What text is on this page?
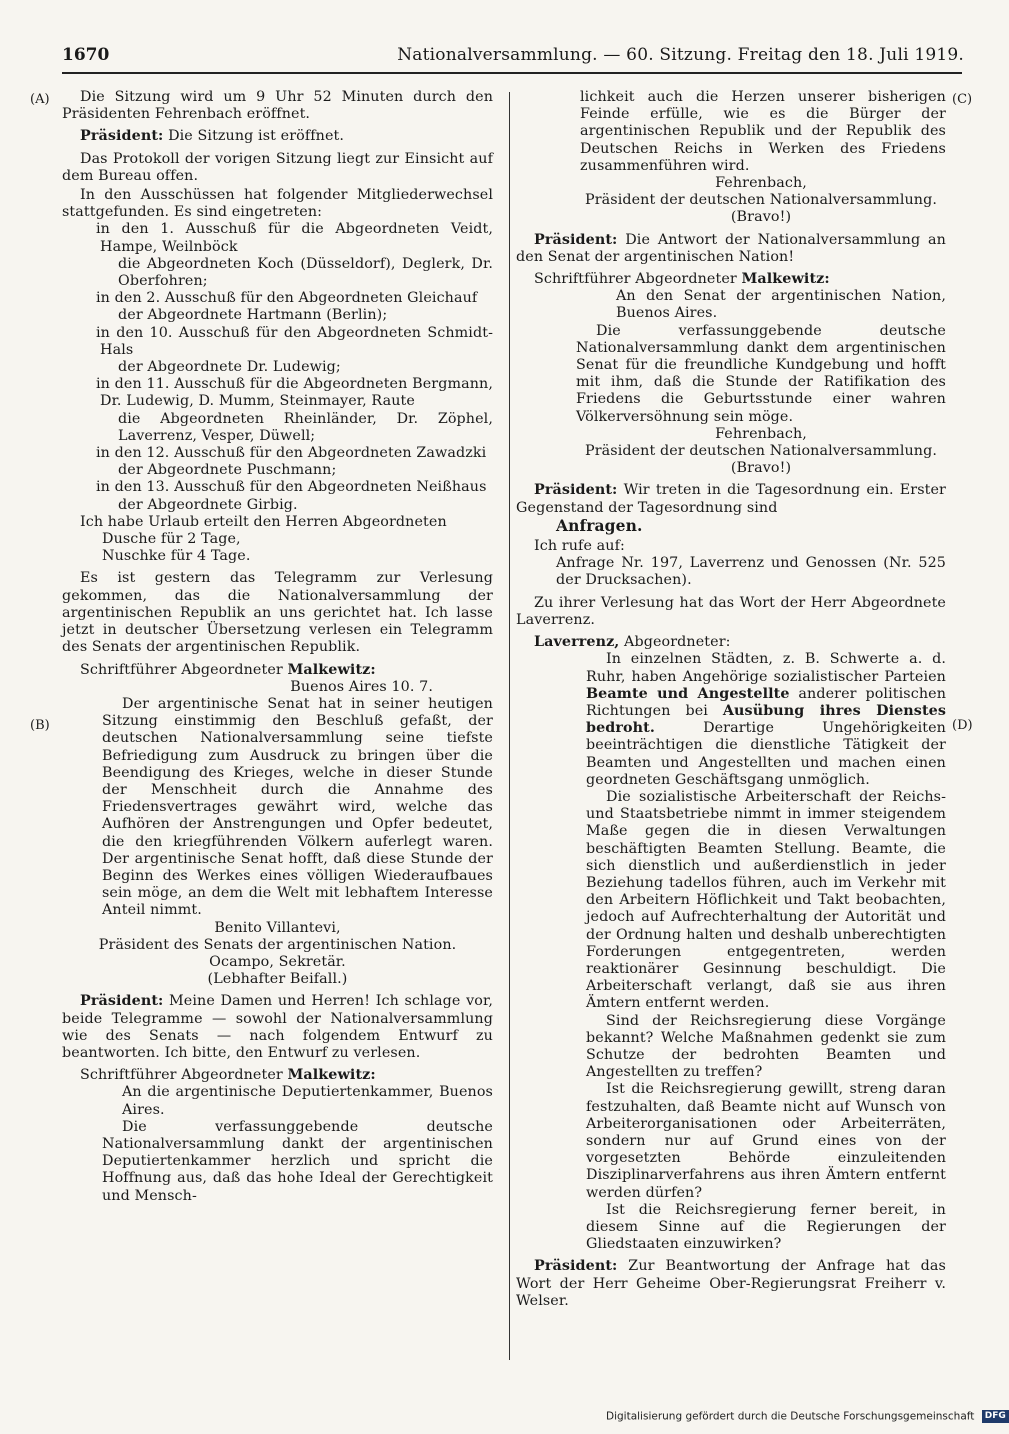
1670	Nationalversammlung. — 60. Sitzung. Freitag den 18. Juli 1919.
(A)
(B)
(C)
(D)

Die Sitzung wird um 9 Uhr 52 Minuten durch den Präsidenten Fehrenbach eröffnet.

Präsident: Die Sitzung ist eröffnet.

Das Protokoll der vorigen Sitzung liegt zur Einsicht auf dem Bureau offen.

In den Ausschüssen hat folgender Mitgliederwechsel stattgefunden. Es sind eingetreten:

in den 1. Ausschuß für die Abgeordneten Veidt, Hampe, Weilnböck

die Abgeordneten Koch (Düsseldorf), Deglerk, Dr. Oberfohren;

in den 2. Ausschuß für den Abgeordneten Gleichauf

der Abgeordnete Hartmann (Berlin);

in den 10. Ausschuß für den Abgeordneten Schmidt-Hals

der Abgeordnete Dr. Ludewig;

in den 11. Ausschuß für die Abgeordneten Bergmann, Dr. Ludewig, D. Mumm, Steinmayer, Raute

die Abgeordneten Rheinländer, Dr. Zöphel, Laverrenz, Vesper, Düwell;

in den 12. Ausschuß für den Abgeordneten Zawadzki

der Abgeordnete Puschmann;

in den 13. Ausschuß für den Abgeordneten Neißhaus

der Abgeordnete Girbig.

Ich habe Urlaub erteilt den Herren Abgeordneten

Dusche für 2 Tage,

Nuschke für 4 Tage.

Es ist gestern das Telegramm zur Verlesung gekommen, das die Nationalversammlung der argentinischen Republik an uns gerichtet hat. Ich lasse jetzt in deutscher Übersetzung verlesen ein Telegramm des Senats der argentinischen Republik.

Schriftführer Abgeordneter Malkewitz:

Buenos Aires 10. 7.

Der argentinische Senat hat in seiner heutigen Sitzung einstimmig den Beschluß gefaßt, der deutschen Nationalversammlung seine tiefste Befriedigung zum Ausdruck zu bringen über die Beendigung des Krieges, welche in dieser Stunde der Menschheit durch die Annahme des Friedensvertrages gewährt wird, welche das Aufhören der Anstrengungen und Opfer bedeutet, die den kriegführenden Völkern auferlegt waren. Der argentinische Senat hofft, daß diese Stunde der Beginn des Werkes eines völligen Wiederaufbaues sein möge, an dem die Welt mit lebhaftem Interesse Anteil nimmt.

Benito Villantevi,

Präsident des Senats der argentinischen Nation.

Ocampo, Sekretär.

(Lebhafter Beifall.)

Präsident: Meine Damen und Herren! Ich schlage vor, beide Telegramme — sowohl der Nationalversammlung wie des Senats — nach folgendem Entwurf zu beantworten. Ich bitte, den Entwurf zu verlesen.

Schriftführer Abgeordneter Malkewitz:

An die argentinische Deputiertenkammer, Buenos Aires.

Die verfassunggebende deutsche Nationalversammlung dankt der argentinischen Deputiertenkammer herzlich und spricht die Hoffnung aus, daß das hohe Ideal der Gerechtigkeit und Mensch-

lichkeit auch die Herzen unserer bisherigen Feinde erfülle, wie es die Bürger der argentinischen Republik und der Republik des Deutschen Reichs in Werken des Friedens zusammenführen wird.

Fehrenbach,

Präsident der deutschen Nationalversammlung.

(Bravo!)

Präsident: Die Antwort der Nationalversammlung an den Senat der argentinischen Nation!

Schriftführer Abgeordneter Malkewitz:

An den Senat der argentinischen Nation, Buenos Aires.

Die verfassunggebende deutsche Nationalversammlung dankt dem argentinischen Senat für die freundliche Kundgebung und hofft mit ihm, daß die Stunde der Ratifikation des Friedens die Geburtsstunde einer wahren Völkerversöhnung sein möge.

Fehrenbach,

Präsident der deutschen Nationalversammlung.

(Bravo!)

Präsident: Wir treten in die Tagesordnung ein. Erster Gegenstand der Tagesordnung sind

Anfragen.

Ich rufe auf:

Anfrage Nr. 197, Laverrenz und Genossen (Nr. 525 der Drucksachen).

Zu ihrer Verlesung hat das Wort der Herr Abgeordnete Laverrenz.

Laverrenz, Abgeordneter:

In einzelnen Städten, z. B. Schwerte a. d. Ruhr, haben Angehörige sozialistischer Parteien Beamte und Angestellte anderer politischen Richtungen bei Ausübung ihres Dienstes bedroht.	Derartige Ungehörigkeiten beeinträchtigen die dienstliche Tätigkeit der Beamten und Angestellten und machen einen geordneten Geschäftsgang unmöglich.

Die sozialistische Arbeiterschaft der Reichs- und Staatsbetriebe nimmt in immer steigendem Maße gegen die in diesen Verwaltungen beschäftigten Beamten Stellung. Beamte, die sich dienstlich und außerdienstlich in jeder Beziehung tadellos führen, auch im Verkehr mit den Arbeitern Höflichkeit und Takt beobachten, jedoch auf Aufrechterhaltung der Autorität und der Ordnung halten und deshalb unberechtigten Forderungen entgegentreten, werden reaktionärer Gesinnung beschuldigt. Die Arbeiterschaft verlangt, daß sie aus ihren Ämtern entfernt werden.

Sind der Reichsregierung diese Vorgänge bekannt? Welche Maßnahmen gedenkt sie zum Schutze der bedrohten Beamten und Angestellten zu treffen?

Ist die Reichsregierung gewillt, streng daran festzuhalten, daß Beamte nicht auf Wunsch von Arbeiterorganisationen oder Arbeiterräten, sondern nur auf Grund eines von der vorgesetzten Behörde einzuleitenden Disziplinarverfahrens aus ihren Ämtern entfernt werden dürfen?

Ist die Reichsregierung ferner bereit, in diesem Sinne auf die Regierungen der Gliedstaaten einzuwirken?

Präsident: Zur Beantwortung der Anfrage hat das Wort der Herr Geheime Ober-Regierungsrat Freiherr v. Welser.

Digitalisierung gefördert durch die Deutsche Forschungsgemeinschaft DFG
